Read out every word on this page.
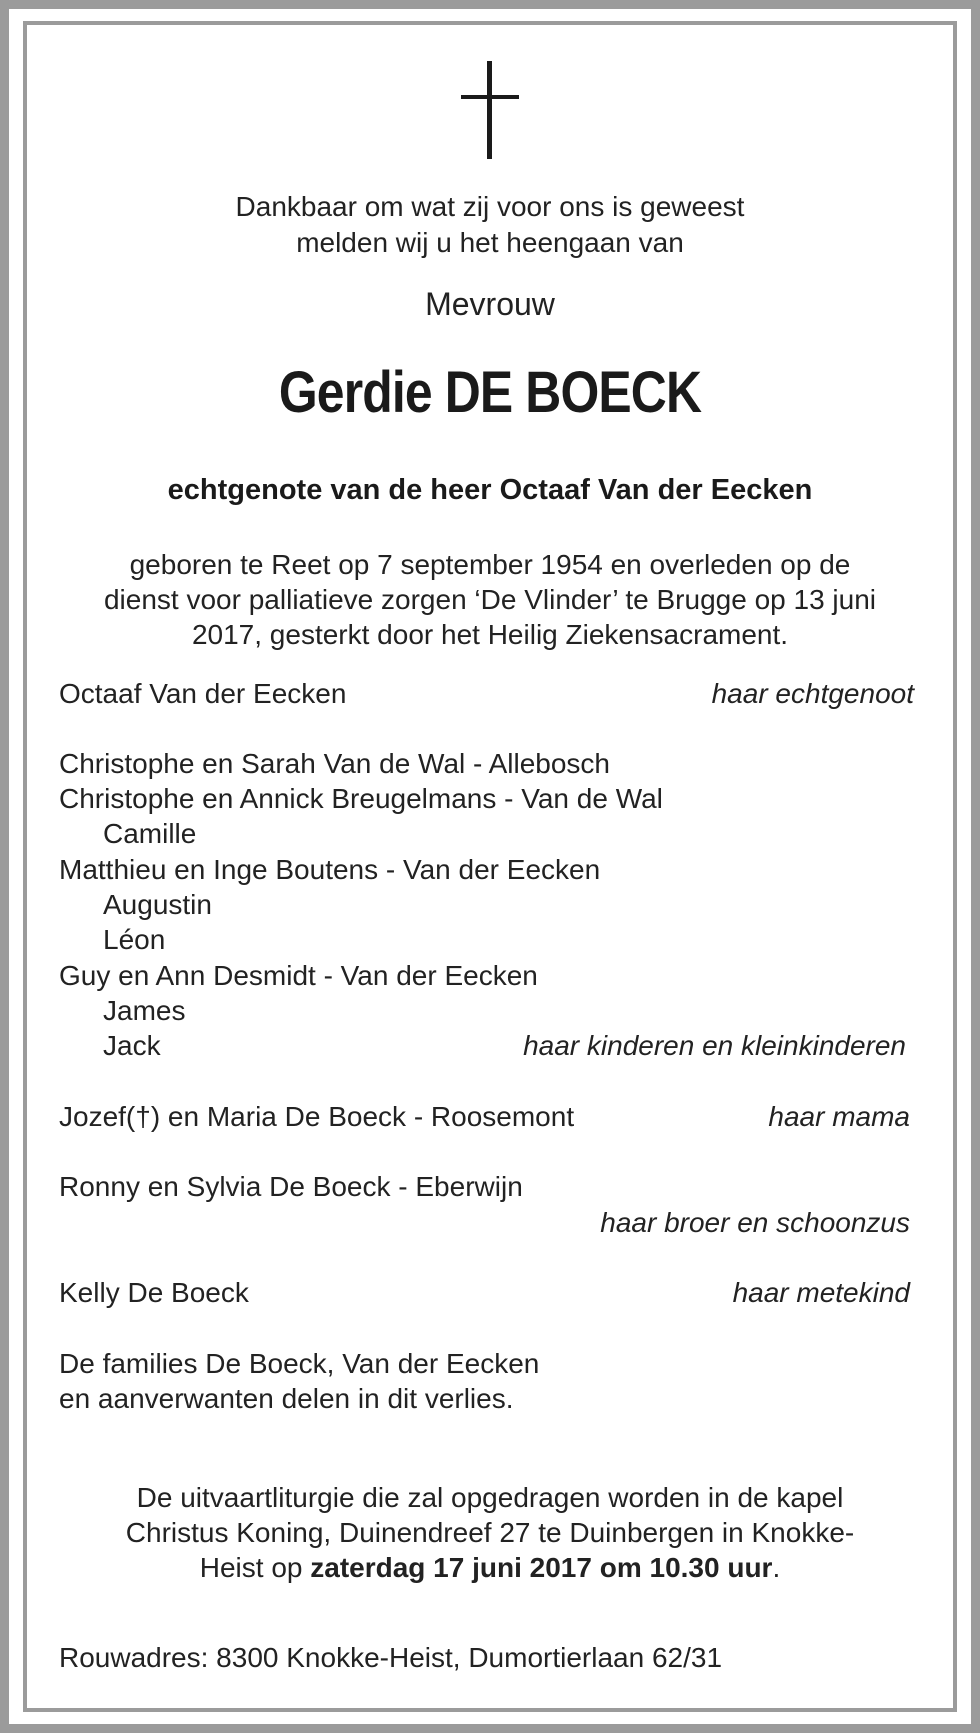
Dankbaar om wat zij voor ons is geweest
melden wij u het heengaan van
Mevrouw
Gerdie DE BOECK
echtgenote van de heer Octaaf Van der Eecken
geboren te Reet op 7 september 1954 en overleden op de
dienst voor palliatieve zorgen ‘De Vlinder’ te Brugge op 13 juni
2017, gesterkt door het Heilig Ziekensacrament.
Octaaf Van der Eecken	haar echtgenoot
Christophe en Sarah Van de Wal - Allebosch
Christophe en Annick Breugelmans - Van de Wal
Camille
Matthieu en Inge Boutens - Van der Eecken
Augustin
Léon
Guy en Ann Desmidt - Van der Eecken
James
Jack	haar kinderen en kleinkinderen
Jozef(†) en Maria De Boeck - Roosemont	haar mama
Ronny en Sylvia De Boeck - Eberwijn
haar broer en schoonzus
Kelly De Boeck	haar metekind
De families De Boeck, Van der Eecken
en aanverwanten delen in dit verlies.
De uitvaartliturgie die zal opgedragen worden in de kapel
Christus Koning, Duinendreef 27 te Duinbergen in Knokke-
Heist op zaterdag 17 juni 2017 om 10.30 uur.
Rouwadres: 8300 Knokke-Heist, Dumortierlaan 62/31
